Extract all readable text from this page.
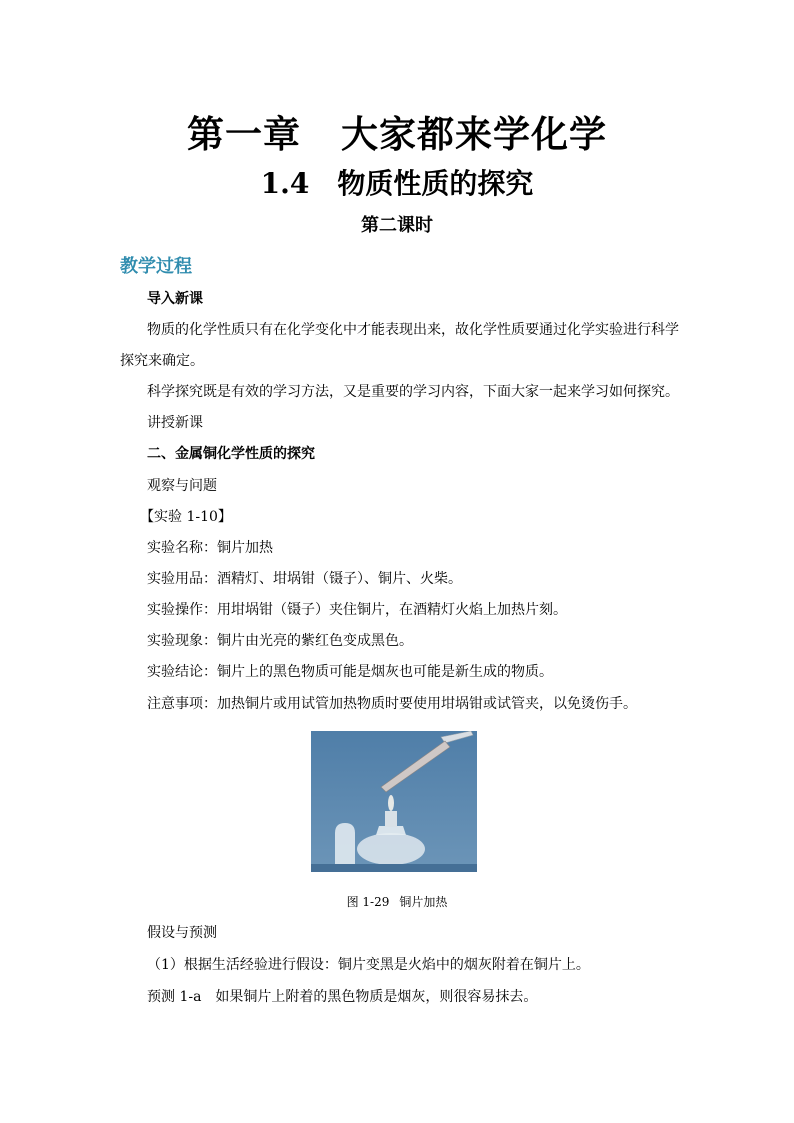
第一章 大家都来学化学
1.4 物质性质的探究
第二课时
教学过程
导入新课
物质的化学性质只有在化学变化中才能表现出来，故化学性质要通过化学实验进行科学
探究来确定。
科学探究既是有效的学习方法，又是重要的学习内容，下面大家一起来学习如何探究。
讲授新课
二、金属铜化学性质的探究
观察与问题
【实验 1-10】
实验名称：铜片加热
实验用品：酒精灯、坩埚钳（镊子）、铜片、火柴。
实验操作：用坩埚钳（镊子）夹住铜片，在酒精灯火焰上加热片刻。
实验现象：铜片由光亮的紫红色变成黑色。
实验结论：铜片上的黑色物质可能是烟灰也可能是新生成的物质。
注意事项：加热铜片或用试管加热物质时要使用坩埚钳或试管夹，以免烫伤手。
图 1-29 铜片加热
假设与预测
（1）根据生活经验进行假设：铜片变黑是火焰中的烟灰附着在铜片上。
预测 1-a　如果铜片上附着的黑色物质是烟灰，则很容易抹去。
